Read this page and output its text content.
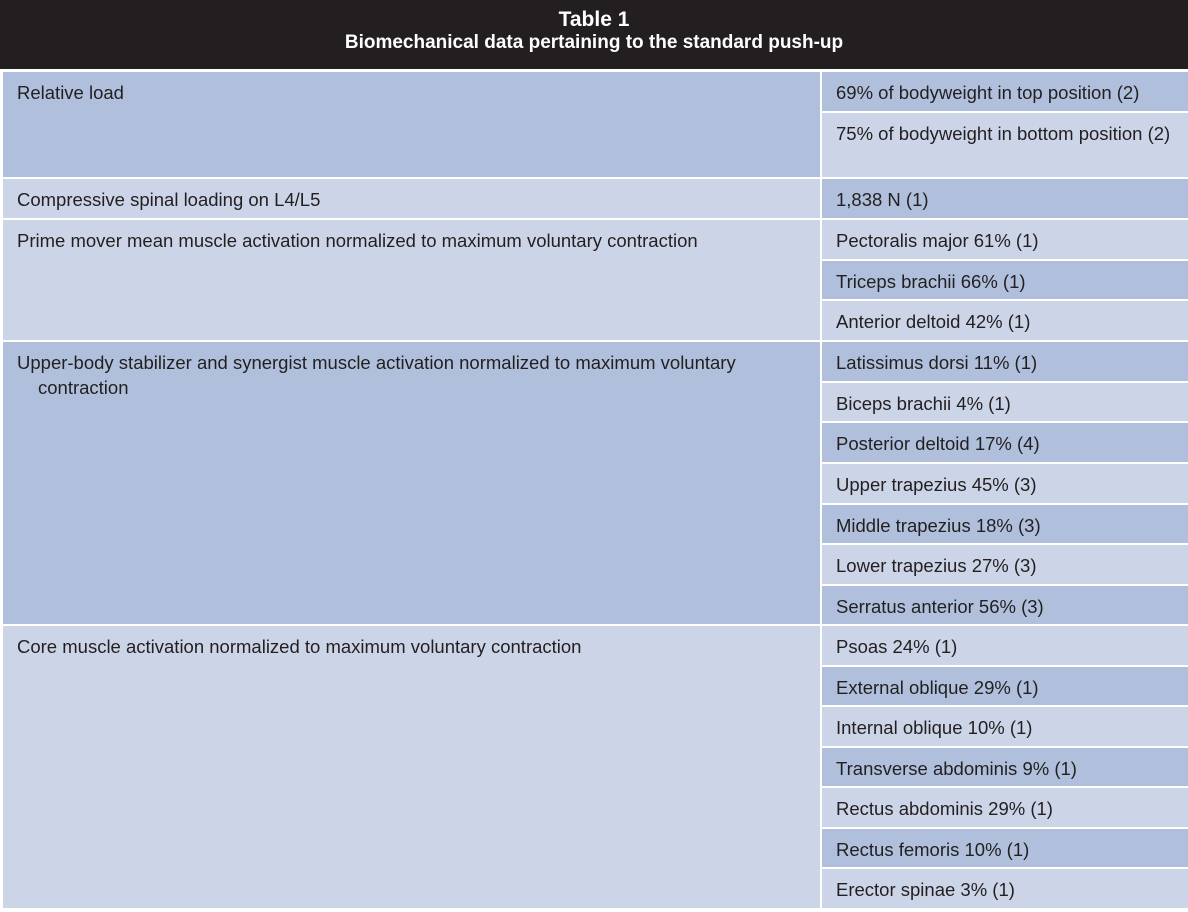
Table 1
Biomechanical data pertaining to the standard push-up
Relative load	69% of bodyweight in top position (2)
	75% of bodyweight in bottom position (2)
Compressive spinal loading on L4/L5	1,838 N (1)
Prime mover mean muscle activation normalized to maximum voluntary contraction	Pectoralis major 61% (1)
	Triceps brachii 66% (1)
	Anterior deltoid 42% (1)
Upper-body stabilizer and synergist muscle activation normalized to maximum voluntary contraction	Latissimus dorsi 11% (1)
	Biceps brachii 4% (1)
	Posterior deltoid 17% (4)
	Upper trapezius 45% (3)
	Middle trapezius 18% (3)
	Lower trapezius 27% (3)
	Serratus anterior 56% (3)
Core muscle activation normalized to maximum voluntary contraction	Psoas 24% (1)
	External oblique 29% (1)
	Internal oblique 10% (1)
	Transverse abdominis 9% (1)
	Rectus abdominis 29% (1)
	Rectus femoris 10% (1)
	Erector spinae 3% (1)
